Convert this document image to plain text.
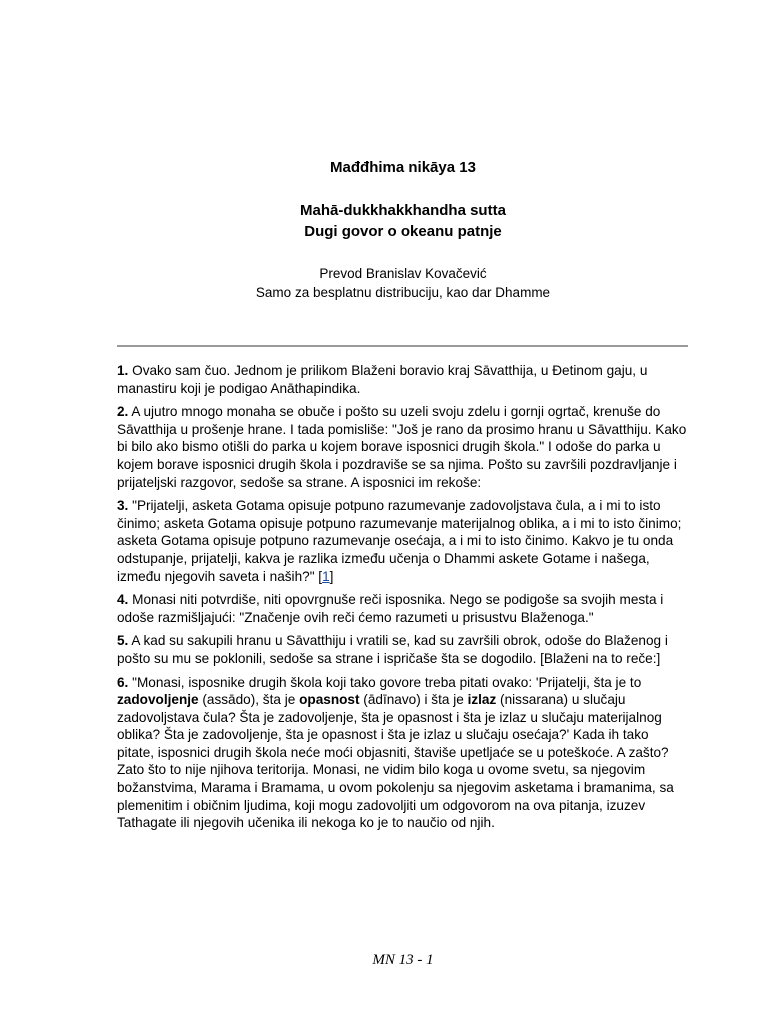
Mađđhima nikāya 13
Mahā-dukkhakkhandha sutta
Dugi govor o okeanu patnje
Prevod Branislav Kovačević
Samo za besplatnu distribuciju, kao dar Dhamme

1. Ovako sam čuo. Jednom je prilikom Blaženi boravio kraj Sāvatthija, u Đetinom gaju, u manastiru koji je podigao Anāthapindika.

2. A ujutro mnogo monaha se obuče i pošto su uzeli svoju zdelu i gornji ogrtač, krenuše do Sāvatthija u prošenje hrane. I tada pomisliše: "Još je rano da prosimo hranu u Sāvatthiju. Kako bi bilo ako bismo otišli do parka u kojem borave isposnici drugih škola." I odoše do parka u kojem borave isposnici drugih škola i pozdraviše se sa njima. Pošto su završili pozdravljanje i prijateljski razgovor, sedoše sa strane. A isposnici im rekoše:

3. "Prijatelji, asketa Gotama opisuje potpuno razumevanje zadovoljstava čula, a i mi to isto činimo; asketa Gotama opisuje potpuno razumevanje materijalnog oblika, a i mi to isto činimo; asketa Gotama opisuje potpuno razumevanje osećaja, a i mi to isto činimo. Kakvo je tu onda odstupanje, prijatelji, kakva je razlika između učenja o Dhammi askete Gotame i našega, između njegovih saveta i naših?" [1]

4. Monasi niti potvrdiše, niti opovrgnuše reči isposnika. Nego se podigoše sa svojih mesta i odoše razmišljajući: "Značenje ovih reči ćemo razumeti u prisustvu Blaženoga."

5. A kad su sakupili hranu u Sāvatthiju i vratili se, kad su završili obrok, odoše do Blaženog i pošto su mu se poklonili, sedoše sa strane i ispričaše šta se dogodilo. [Blaženi na to reče:]

6. "Monasi, isposnike drugih škola koji tako govore treba pitati ovako: 'Prijatelji, šta je to zadovoljenje (assādo), šta je opasnost (ādīnavo) i šta je izlaz (nissarana) u slučaju zadovoljstava čula? Šta je zadovoljenje, šta je opasnost i šta je izlaz u slučaju materijalnog oblika? Šta je zadovoljenje, šta je opasnost i šta je izlaz u slučaju osećaja?' Kada ih tako pitate, isposnici drugih škola neće moći objasniti, štaviše upetljaće se u poteškoće. A zašto? Zato što to nije njihova teritorija. Monasi, ne vidim bilo koga u ovome svetu, sa njegovim božanstvima, Marama i Bramama, u ovom pokolenju sa njegovim asketama i bramanima, sa plemenitim i običnim ljudima, koji mogu zadovoljiti um odgovorom na ova pitanja, izuzev Tathagate ili njegovih učenika ili nekoga ko je to naučio od njih.

MN 13 - 1
